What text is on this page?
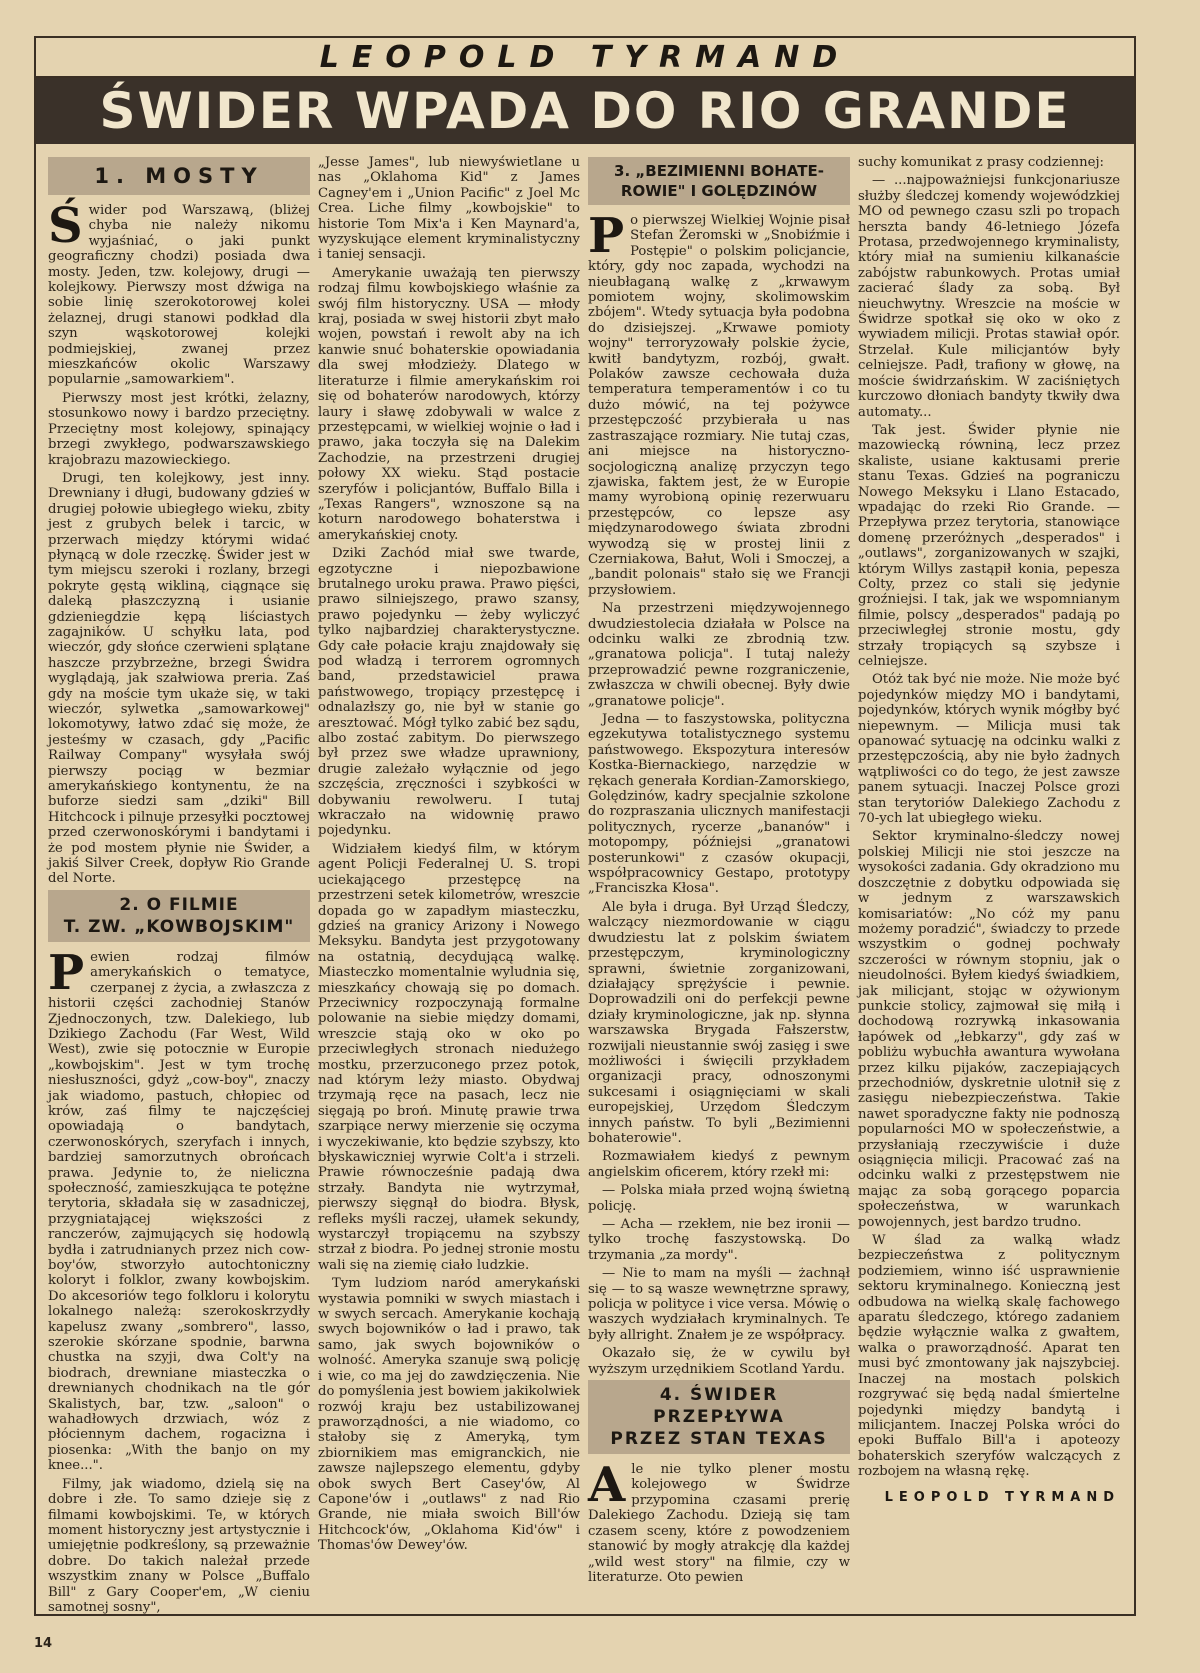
LEOPOLD TYRMAND
ŚWIDER WPADA DO RIO GRANDE
1. MOSTY

Świder pod Warszawą, (bliżej chyba nie należy nikomu wyjaśniać, o jaki punkt geograficzny chodzi) posiada dwa mosty. Jeden, tzw. kolejowy, drugi — kolejkowy. Pierwszy most dźwiga na sobie linię szerokotorowej kolei żelaznej, drugi stanowi podkład dla szyn wąskotorowej kolejki podmiejskiej, zwanej przez mieszkańców okolic Warszawy popularnie „samowarkiem".

Pierwszy most jest krótki, żelazny, stosunkowo nowy i bardzo przeciętny. Przeciętny most kolejowy, spinający brzegi zwykłego, podwarszawskiego krajobrazu mazowieckiego.

Drugi, ten kolejkowy, jest inny. Drewniany i długi, budowany gdzieś w drugiej połowie ubiegłego wieku, zbity jest z grubych belek i tarcic, w przerwach między którymi widać płynącą w dole rzeczkę. Świder jest w tym miejscu szeroki i rozlany, brzegi pokryte gęstą wikliną, ciągnące się daleką płaszczyzną i usianie gdzieniegdzie kępą liściastych zagajników. U schyłku lata, pod wieczór, gdy słońce czerwieni splątane haszcze przybrzeżne, brzegi Świdra wyglądają, jak szałwiowa preria. Zaś gdy na moście tym ukaże się, w taki wieczór, sylwetka „samowarkowej" lokomotywy, łatwo zdać się może, że jesteśmy w czasach, gdy „Pacific Railway Company" wysyłała swój pierwszy pociąg w bezmiar amerykańskiego kontynentu, że na buforze siedzi sam „dziki" Bill Hitchcock i pilnuje przesyłki pocztowej przed czerwonoskórymi i bandytami i że pod mostem płynie nie Świder, a jakiś Silver Creek, dopływ Rio Grande del Norte.

2. O FILMIE
T. ZW. „KOWBOJSKIM"

Pewien rodzaj filmów amerykańskich o tematyce, czerpanej z życia, a zwłaszcza z historii części zachodniej Stanów Zjednoczonych, tzw. Dalekiego, lub Dzikiego Zachodu (Far West, Wild West), zwie się potocznie w Europie „kowbojskim". Jest w tym trochę niesłuszności, gdyż „cow-boy", znaczy jak wiadomo, pastuch, chłopiec od krów, zaś filmy te najczęściej opowiadają o bandytach, czerwonoskórych, szeryfach i innych, bardziej samorzutnych obrońcach prawa. Jedynie to, że nieliczna społeczność, zamieszkująca te potężne terytoria, składała się w zasadniczej, przygniatającej większości z ranczerów, zajmujących się hodowlą bydła i zatrudnianych przez nich cow-boy'ów, stworzyło autochtoniczny koloryt i folklor, zwany kowbojskim. Do akcesoriów tego folkloru i kolorytu lokalnego należą: szerokoskrzydły kapelusz zwany „sombrero", lasso, szerokie skórzane spodnie, barwna chustka na szyji, dwa Colt'y na biodrach, drewniane miasteczka o drewnianych chodnikach na tle gór Skalistych, bar, tzw. „saloon" o wahadłowych drzwiach, wóz z płóciennym dachem, rogacizna i piosenka: „With the banjo on my knee...".

Filmy, jak wiadomo, dzielą się na dobre i złe. To samo dzieje się z filmami kowbojskimi. Te, w których moment historyczny jest artystycznie i umiejętnie podkreślony, są przeważnie dobre. Do takich należał przede wszystkim znany w Polsce „Buffalo Bill" z Gary Cooper'em, „W cieniu samotnej sosny",

„Jesse James", lub niewyświetlane u nas „Oklahoma Kid" z James Cagney'em i „Union Pacific" z Joel Mc Crea. Liche filmy „kowbojskie" to historie Tom Mix'a i Ken Maynard'a, wyzyskujące element kryminalistyczny i taniej sensacji.

Amerykanie uważają ten pierwszy rodzaj filmu kowbojskiego właśnie za swój film historyczny. USA — młody kraj, posiada w swej historii zbyt mało wojen, powstań i rewolt aby na ich kanwie snuć bohaterskie opowiadania dla swej młodzieży. Dlatego w literaturze i filmie amerykańskim roi się od bohaterów narodowych, którzy laury i sławę zdobywali w walce z przestępcami, w wielkiej wojnie o ład i prawo, jaka toczyła się na Dalekim Zachodzie, na przestrzeni drugiej połowy XX wieku. Stąd postacie szeryfów i policjantów, Buffalo Billa i „Texas Rangers", wznoszone są na koturn narodowego bohaterstwa i amerykańskiej cnoty.

Dziki Zachód miał swe twarde, egzotyczne i niepozbawione brutalnego uroku prawa. Prawo pięści, prawo silniejszego, prawo szansy, prawo pojedynku — żeby wyliczyć tylko najbardziej charakterystyczne. Gdy całe połacie kraju znajdowały się pod władzą i terrorem ogromnych band, przedstawiciel prawa państwowego, tropiący przestępcę i odnalazłszy go, nie był w stanie go aresztować. Mógł tylko zabić bez sądu, albo zostać zabitym. Do pierwszego był przez swe władze uprawniony, drugie zależało wyłącznie od jego szczęścia, zręczności i szybkości w dobywaniu rewolweru. I tutaj wkraczało na widownię prawo pojedynku.

Widziałem kiedyś film, w którym agent Policji Federalnej U. S. tropi uciekającego przestępcę na przestrzeni setek kilometrów, wreszcie dopada go w zapadłym miasteczku, gdzieś na granicy Arizony i Nowego Meksyku. Bandyta jest przygotowany na ostatnią, decydującą walkę. Miasteczko momentalnie wyludnia się, mieszkańcy chowają się po domach. Przeciwnicy rozpoczynają formalne polowanie na siebie między domami, wreszcie stają oko w oko po przeciwległych stronach niedużego mostku, przerzuconego przez potok, nad którym leży miasto. Obydwaj trzymają ręce na pasach, lecz nie sięgają po broń. Minutę prawie trwa szarpiące nerwy mierzenie się oczyma i wyczekiwanie, kto będzie szybszy, kto błyskawiczniej wyrwie Colt'a i strzeli. Prawie równocześnie padają dwa strzały. Bandyta nie wytrzymał, pierwszy sięgnął do biodra. Błysk, refleks myśli raczej, ułamek sekundy, wystarczył tropiącemu na szybszy strzał z biodra. Po jednej stronie mostu wali się na ziemię ciało ludzkie.

Tym ludziom naród amerykański wystawia pomniki w swych miastach i w swych sercach. Amerykanie kochają swych bojowników o ład i prawo, tak samo, jak swych bojowników o wolność. Ameryka szanuje swą policję i wie, co ma jej do zawdzięczenia. Nie do pomyślenia jest bowiem jakikolwiek rozwój kraju bez ustabilizowanej praworządności, a nie wiadomo, co stałoby się z Ameryką, tym zbiornikiem mas emigranckich, nie zawsze najlepszego elementu, gdyby obok swych Bert Casey'ów, Al Capone'ów i „outlaws" z nad Rio Grande, nie miała swoich Bill'ów Hitchcock'ów, „Oklahoma Kid'ów" i Thomas'ów Dewey'ów.

3. „BEZIMIENNI BOHATE-
ROWIE" I GOLĘDZINÓW

Po pierwszej Wielkiej Wojnie pisał Stefan Żeromski w „Snobiźmie i Postępie" o polskim policjancie, który, gdy noc zapada, wychodzi na nieubłaganą walkę z „krwawym pomiotem wojny, skolimowskim zbójem". Wtedy sytuacja była podobna do dzisiejszej. „Krwawe pomioty wojny" terroryzowały polskie życie, kwitł bandytyzm, rozbój, gwałt. Polaków zawsze cechowała duża temperatura temperamentów i co tu dużo mówić, na tej pożywce przestępczość przybierała u nas zastraszające rozmiary. Nie tutaj czas, ani miejsce na historyczno-socjologiczną analizę przyczyn tego zjawiska, faktem jest, że w Europie mamy wyrobioną opinię rezerwuaru przestępców, co lepsze asy międzynarodowego świata zbrodni wywodzą się w prostej linii z Czerniakowa, Bałut, Woli i Smoczej, a „bandit polonais" stało się we Francji przysłowiem.

Na przestrzeni międzywojennego dwudziestolecia działała w Polsce na odcinku walki ze zbrodnią tzw. „granatowa policja". I tutaj należy przeprowadzić pewne rozgraniczenie, zwłaszcza w chwili obecnej. Były dwie „granatowe policje".

Jedna — to faszystowska, polityczna egzekutywa totalistycznego systemu państwowego. Ekspozytura interesów Kostka-Biernackiego, narzędzie w rękach generała Kordian-Zamorskiego, Golędzinów, kadry specjalnie szkolone do rozpraszania ulicznych manifestacji politycznych, rycerze „bananów" i motopompy, późniejsi „granatowi posterunkowi" z czasów okupacji, współpracownicy Gestapo, prototypy „Franciszka Kłosa".

Ale była i druga. Był Urząd Śledczy, walczący niezmordowanie w ciągu dwudziestu lat z polskim światem przestępczym, kryminologiczny sprawni, świetnie zorganizowani, działający sprężyście i pewnie. Doprowadzili oni do perfekcji pewne działy kryminologiczne, jak np. słynna warszawska Brygada Fałszerstw, rozwijali nieustannie swój zasięg i swe możliwości i święcili przykładem organizacji pracy, odnoszonymi sukcesami i osiągnięciami w skali europejskiej, Urzędom Śledczym innych państw. To byli „Bezimienni bohaterowie".

Rozmawiałem kiedyś z pewnym angielskim oficerem, który rzekł mi:

— Polska miała przed wojną świetną policję.

— Acha — rzekłem, nie bez ironii — tylko trochę faszystowską. Do trzymania „za mordy".

— Nie to mam na myśli — żachnął się — to są wasze wewnętrzne sprawy, policja w polityce i vice versa. Mówię o waszych wydziałach kryminalnych. Te były allright. Znałem je ze współpracy.

Okazało się, że w cywilu był wyższym urzędnikiem Scotland Yardu.

4. ŚWIDER PRZEPŁYWA
PRZEZ STAN TEXAS

Ale nie tylko plener mostu kolejowego w Świdrze przypomina czasami prerię Dalekiego Zachodu. Dzieją się tam czasem sceny, które z powodzeniem stanowić by mogły atrakcję dla każdej „wild west story" na filmie, czy w literaturze. Oto pewien

suchy komunikat z prasy codziennej:

— ...najpoważniejsi funkcjonariusze służby śledczej komendy wojewódzkiej MO od pewnego czasu szli po tropach herszta bandy 46-letniego Józefa Protasa, przedwojennego kryminalisty, który miał na sumieniu kilkanaście zabójstw rabunkowych. Protas umiał zacierać ślady za sobą. Był nieuchwytny. Wreszcie na moście w Świdrze spotkał się oko w oko z wywiadem milicji. Protas stawiał opór. Strzelał. Kule milicjantów były celniejsze. Padł, trafiony w głowę, na moście świdrzańskim. W zaciśniętych kurczowo dłoniach bandyty tkwiły dwa automaty...

Tak jest. Świder płynie nie mazowiecką równiną, lecz przez skaliste, usiane kaktusami prerie stanu Texas. Gdzieś na pograniczu Nowego Meksyku i Llano Estacado, wpadając do rzeki Rio Grande. — Przepływa przez terytoria, stanowiące domenę przeróżnych „desperados" i „outlaws", zorganizowanych w szajki, którym Willys zastąpił konia, pepesza Colty, przez co stali się jedynie groźniejsi. I tak, jak we wspomnianym filmie, polscy „desperados" padają po przeciwległej stronie mostu, gdy strzały tropiących są szybsze i celniejsze.

Otóż tak być nie może. Nie może być pojedynków między MO i bandytami, pojedynków, których wynik mógłby być niepewnym. — Milicja musi tak opanować sytuację na odcinku walki z przestępczością, aby nie było żadnych wątpliwości co do tego, że jest zawsze panem sytuacji. Inaczej Polsce grozi stan terytoriów Dalekiego Zachodu z 70-ych lat ubiegłego wieku.

Sektor kryminalno-śledczy nowej polskiej Milicji nie stoi jeszcze na wysokości zadania. Gdy okradziono mu doszczętnie z dobytku odpowiada się w jednym z warszawskich komisariatów: „No cóż my panu możemy poradzić", świadczy to przede wszystkim o godnej pochwały szczerości w równym stopniu, jak o nieudolności. Byłem kiedyś świadkiem, jak milicjant, stojąc w ożywionym punkcie stolicy, zajmował się miłą i dochodową rozrywką inkasowania łapówek od „łebkarzy", gdy zaś w pobliżu wybuchła awantura wywołana przez kilku pijaków, zaczepiających przechodniów, dyskretnie ulotnił się z zasięgu niebezpieczeństwa. Takie nawet sporadyczne fakty nie podnoszą popularności MO w społeczeństwie, a przysłaniają rzeczywiście i duże osiągnięcia milicji. Pracować zaś na odcinku walki z przestępstwem nie mając za sobą gorącego poparcia społeczeństwa, w warunkach powojennych, jest bardzo trudno.

W ślad za walką władz bezpieczeństwa z politycznym podziemiem, winno iść usprawnienie sektoru kryminalnego. Konieczną jest odbudowa na wielką skalę fachowego aparatu śledczego, którego zadaniem będzie wyłącznie walka z gwałtem, walka o praworządność. Aparat ten musi być zmontowany jak najszybciej. Inaczej na mostach polskich rozgrywać się będą nadal śmiertelne pojedynki między bandytą i milicjantem. Inaczej Polska wróci do epoki Buffalo Bill'a i apoteozy bohaterskich szeryfów walczących z rozbojem na własną rękę.

LEOPOLD TYRMAND
14
